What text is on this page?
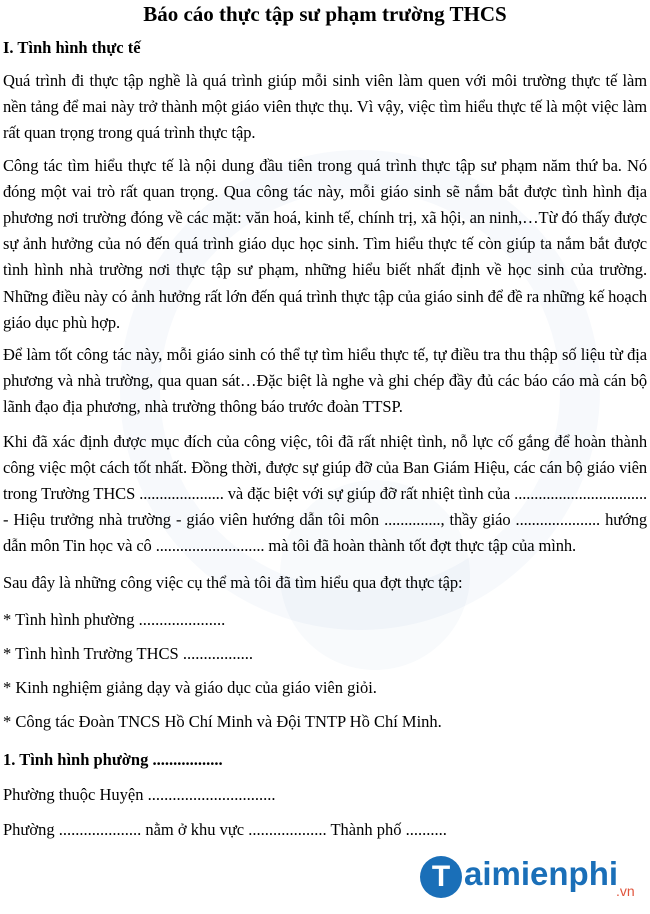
Báo cáo thực tập sư phạm trường THCS
I. Tình hình thực tế

Quá trình đi thực tập nghề là quá trình giúp mỗi sinh viên làm quen với môi trường thực tế làm nền tảng để mai này trở thành một giáo viên thực thụ. Vì vậy, việc tìm hiểu thực tế là một việc làm rất quan trọng trong quá trình thực tập.

Công tác tìm hiểu thực tế là nội dung đầu tiên trong quá trình thực tập sư phạm năm thứ ba. Nó đóng một vai trò rất quan trọng. Qua công tác này, mỗi giáo sinh sẽ nắm bắt được tình hình địa phương nơi trường đóng về các mặt: văn hoá, kinh tế, chính trị, xã hội, an ninh,…Từ đó thấy được sự ảnh hưởng của nó đến quá trình giáo dục học sinh. Tìm hiểu thực tế còn giúp ta nắm bắt được tình hình nhà trường nơi thực tập sư phạm, những hiểu biết nhất định về học sinh của trường. Những điều này có ảnh hưởng rất lớn đến quá trình thực tập của giáo sinh để đề ra những kế hoạch giáo dục phù hợp.

Để làm tốt công tác này, mỗi giáo sinh có thể tự tìm hiểu thực tế, tự điều tra thu thập số liệu từ địa phương và nhà trường, qua quan sát…Đặc biệt là nghe và ghi chép đầy đủ các báo cáo mà cán bộ lãnh đạo địa phương, nhà trường thông báo trước đoàn TTSP.

Khi đã xác định được mục đích của công việc, tôi đã rất nhiệt tình, nỗ lực cố gắng để hoàn thành công việc một cách tốt nhất. Đồng thời, được sự giúp đỡ của Ban Giám Hiệu, các cán bộ giáo viên trong Trường THCS ..................... và đặc biệt với sự giúp đỡ rất nhiệt tình của ................................. - Hiệu trưởng nhà trường - giáo viên hướng dẫn tôi môn .............., thầy giáo ..................... hướng dẫn môn Tin học và cô ........................... mà tôi đã hoàn thành tốt đợt thực tập của mình.

Sau đây là những công việc cụ thể mà tôi đã tìm hiểu qua đợt thực tập:

* Tình hình phường .....................
* Tình hình Trường THCS .................
* Kinh nghiệm giảng dạy và giáo dục của giáo viên giỏi.
* Công tác Đoàn TNCS Hồ Chí Minh và Đội TNTP Hồ Chí Minh.
1. Tình hình phường .................
Phường thuộc Huyện ...............................
Phường .................... nằm ở khu vực ................... Thành phố ..........
T aimienphi
.vn
